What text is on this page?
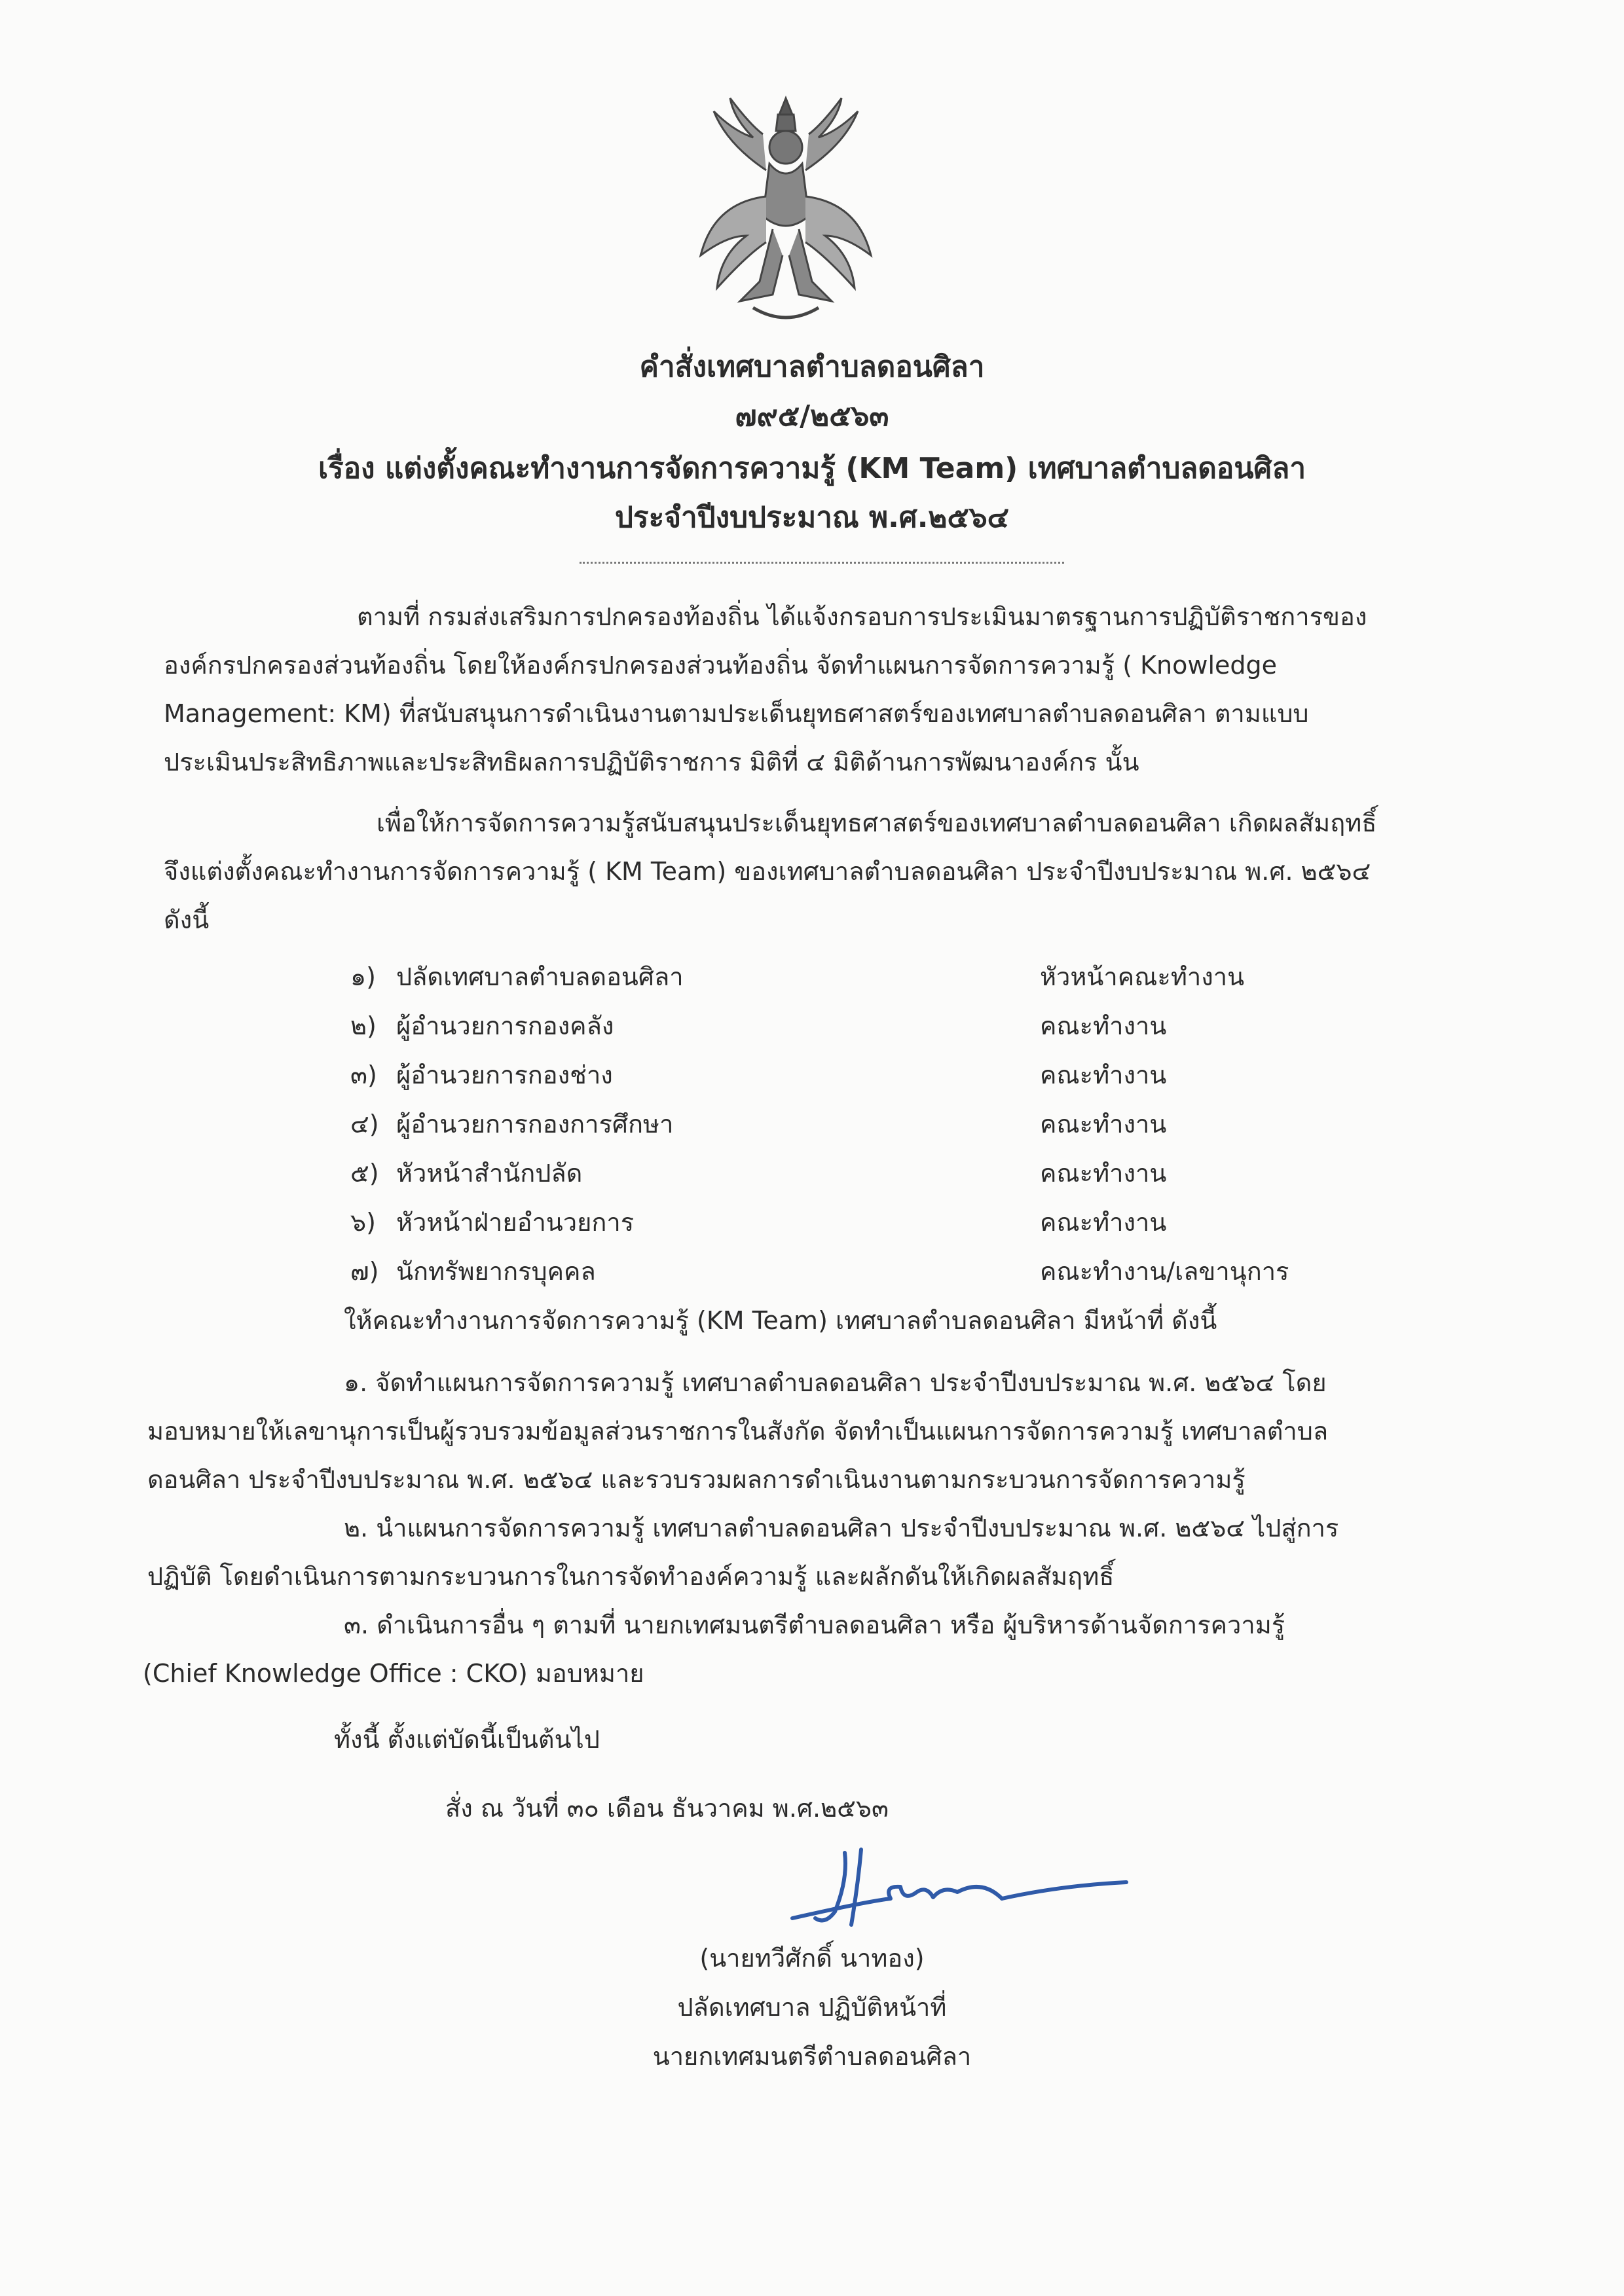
คำสั่งเทศบาลตำบลดอนศิลา
๗๙๕/๒๕๖๓
เรื่อง แต่งตั้งคณะทำงานการจัดการความรู้ (KM Team) เทศบาลตำบลดอนศิลา
ประจำปีงบประมาณ พ.ศ.๒๕๖๔
ตามที่ กรมส่งเสริมการปกครองท้องถิ่น ได้แจ้งกรอบการประเมินมาตรฐานการปฏิบัติราชการของ
องค์กรปกครองส่วนท้องถิ่น โดยให้องค์กรปกครองส่วนท้องถิ่น จัดทำแผนการจัดการความรู้ ( Knowledge
Management: KM) ที่สนับสนุนการดำเนินงานตามประเด็นยุทธศาสตร์ของเทศบาลตำบลดอนศิลา ตามแบบ
ประเมินประสิทธิภาพและประสิทธิผลการปฏิบัติราชการ มิติที่ ๔ มิติด้านการพัฒนาองค์กร นั้น
เพื่อให้การจัดการความรู้สนับสนุนประเด็นยุทธศาสตร์ของเทศบาลตำบลดอนศิลา เกิดผลสัมฤทธิ์
จึงแต่งตั้งคณะทำงานการจัดการความรู้ ( KM Team) ของเทศบาลตำบลดอนศิลา ประจำปีงบประมาณ พ.ศ. ๒๕๖๔
ดังนี้
๑) ปลัดเทศบาลตำบลดอนศิลา	หัวหน้าคณะทำงาน
๒) ผู้อำนวยการกองคลัง	คณะทำงาน
๓) ผู้อำนวยการกองช่าง	คณะทำงาน
๔) ผู้อำนวยการกองการศึกษา	คณะทำงาน
๕) หัวหน้าสำนักปลัด	คณะทำงาน
๖) หัวหน้าฝ่ายอำนวยการ	คณะทำงาน
๗) นักทรัพยากรบุคคล	คณะทำงาน/เลขานุการ
ให้คณะทำงานการจัดการความรู้ (KM Team) เทศบาลตำบลดอนศิลา มีหน้าที่ ดังนี้
๑. จัดทำแผนการจัดการความรู้ เทศบาลตำบลดอนศิลา ประจำปีงบประมาณ พ.ศ. ๒๕๖๔ โดย
มอบหมายให้เลขานุการเป็นผู้รวบรวมข้อมูลส่วนราชการในสังกัด จัดทำเป็นแผนการจัดการความรู้ เทศบาลตำบล
ดอนศิลา ประจำปีงบประมาณ พ.ศ. ๒๕๖๔ และรวบรวมผลการดำเนินงานตามกระบวนการจัดการความรู้
๒. นำแผนการจัดการความรู้ เทศบาลตำบลดอนศิลา ประจำปีงบประมาณ พ.ศ. ๒๕๖๔ ไปสู่การ
ปฏิบัติ โดยดำเนินการตามกระบวนการในการจัดทำองค์ความรู้ และผลักดันให้เกิดผลสัมฤทธิ์
๓. ดำเนินการอื่น ๆ ตามที่ นายกเทศมนตรีตำบลดอนศิลา หรือ ผู้บริหารด้านจัดการความรู้
(Chief Knowledge Office : CKO) มอบหมาย
ทั้งนี้ ตั้งแต่บัดนี้เป็นต้นไป
สั่ง ณ วันที่ ๓๐ เดือน ธันวาคม พ.ศ.๒๕๖๓
(นายทวีศักดิ์ นาทอง)
ปลัดเทศบาล ปฏิบัติหน้าที่
นายกเทศมนตรีตำบลดอนศิลา
